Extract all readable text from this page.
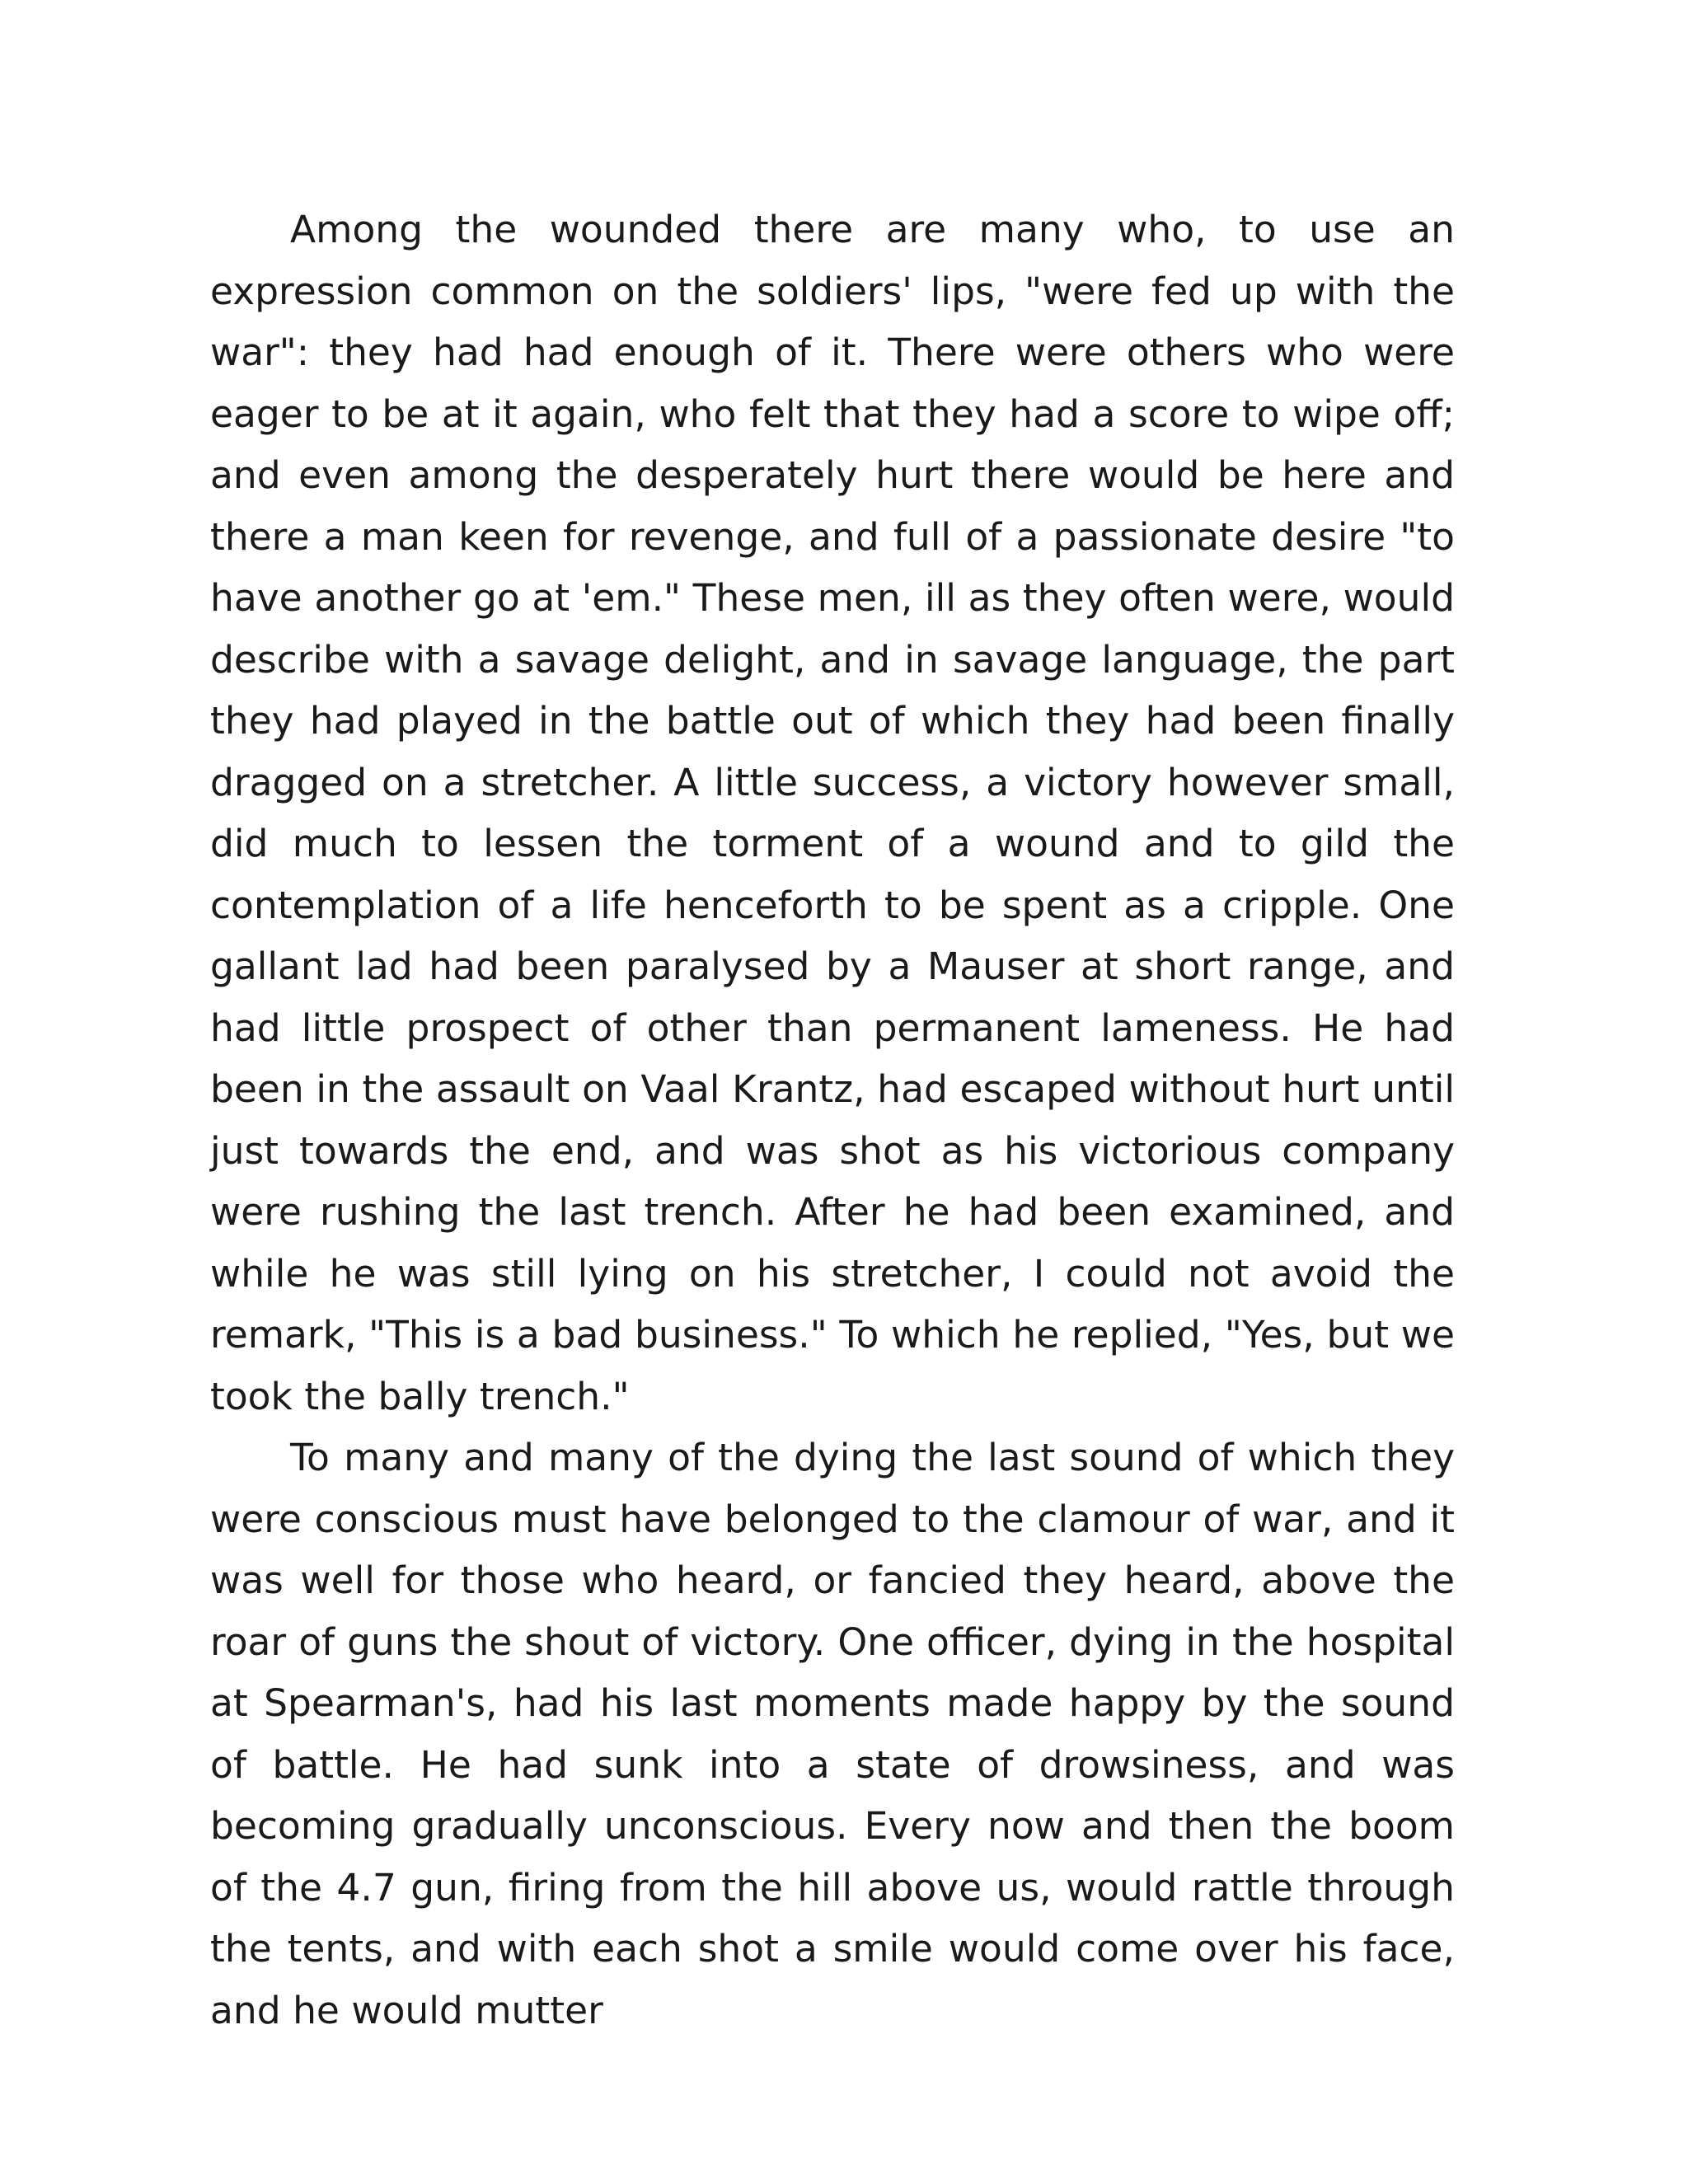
Among the wounded there are many who, to use an expression common on the soldiers' lips, "were fed up with the war": they had had enough of it. There were others who were eager to be at it again, who felt that they had a score to wipe off; and even among the desperately hurt there would be here and there a man keen for revenge, and full of a passionate desire "to have another go at 'em." These men, ill as they often were, would describe with a savage delight, and in savage language, the part they had played in the battle out of which they had been finally dragged on a stretcher. A little success, a victory however small, did much to lessen the torment of a wound and to gild the contemplation of a life henceforth to be spent as a cripple. One gallant lad had been paralysed by a Mauser at short range, and had little prospect of other than permanent lameness. He had been in the assault on Vaal Krantz, had escaped without hurt until just towards the end, and was shot as his victorious company were rushing the last trench. After he had been examined, and while he was still lying on his stretcher, I could not avoid the remark, "This is a bad business." To which he replied, "Yes, but we took the bally trench."

To many and many of the dying the last sound of which they were conscious must have belonged to the clamour of war, and it was well for those who heard, or fancied they heard, above the roar of guns the shout of victory. One officer, dying in the hospital at Spearman's, had his last moments made happy by the sound of battle. He had sunk into a state of drowsiness, and was becoming gradually unconscious. Every now and then the boom of the 4.7 gun, firing from the hill above us, would rattle through the tents, and with each shot a smile would come over his face, and he would mutter
